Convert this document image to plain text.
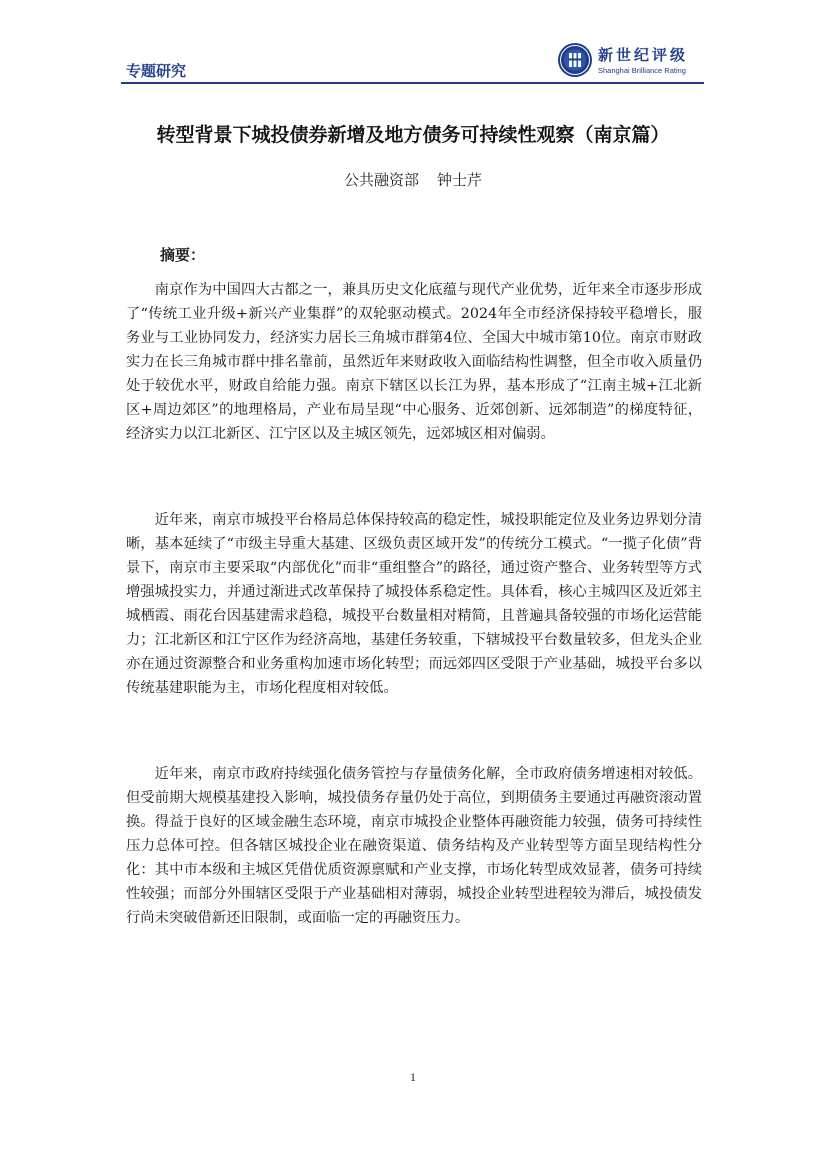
专题研究
新世纪评级
Shanghai Brilliance Rating
转型背景下城投债券新增及地方债务可持续性观察（南京篇）
公共融资部 钟士芹
摘要：

南京作为中国四大古都之一，兼具历史文化底蕴与现代产业优势，近年来全市逐步形成了“传统工业升级+新兴产业集群”的双轮驱动模式。2024年全市经济保持较平稳增长，服务业与工业协同发力，经济实力居长三角城市群第4位、全国大中城市第10位。南京市财政实力在长三角城市群中排名靠前，虽然近年来财政收入面临结构性调整，但全市收入质量仍处于较优水平，财政自给能力强。南京下辖区以长江为界，基本形成了“江南主城+江北新区+周边郊区”的地理格局，产业布局呈现“中心服务、近郊创新、远郊制造”的梯度特征，经济实力以江北新区、江宁区以及主城区领先，远郊城区相对偏弱。

近年来，南京市城投平台格局总体保持较高的稳定性，城投职能定位及业务边界划分清晰，基本延续了“市级主导重大基建、区级负责区域开发”的传统分工模式。“一揽子化债”背景下，南京市主要采取“内部优化”而非“重组整合”的路径，通过资产整合、业务转型等方式增强城投实力，并通过渐进式改革保持了城投体系稳定性。具体看，核心主城四区及近郊主城栖霞、雨花台因基建需求趋稳，城投平台数量相对精简，且普遍具备较强的市场化运营能力；江北新区和江宁区作为经济高地，基建任务较重，下辖城投平台数量较多，但龙头企业亦在通过资源整合和业务重构加速市场化转型；而远郊四区受限于产业基础，城投平台多以传统基建职能为主，市场化程度相对较低。

近年来，南京市政府持续强化债务管控与存量债务化解，全市政府债务增速相对较低。但受前期大规模基建投入影响，城投债务存量仍处于高位，到期债务主要通过再融资滚动置换。得益于良好的区域金融生态环境，南京市城投企业整体再融资能力较强，债务可持续性压力总体可控。但各辖区城投企业在融资渠道、债务结构及产业转型等方面呈现结构性分化：其中市本级和主城区凭借优质资源禀赋和产业支撑，市场化转型成效显著，债务可持续性较强；而部分外围辖区受限于产业基础相对薄弱，城投企业转型进程较为滞后，城投债发行尚未突破借新还旧限制，或面临一定的再融资压力。

1
